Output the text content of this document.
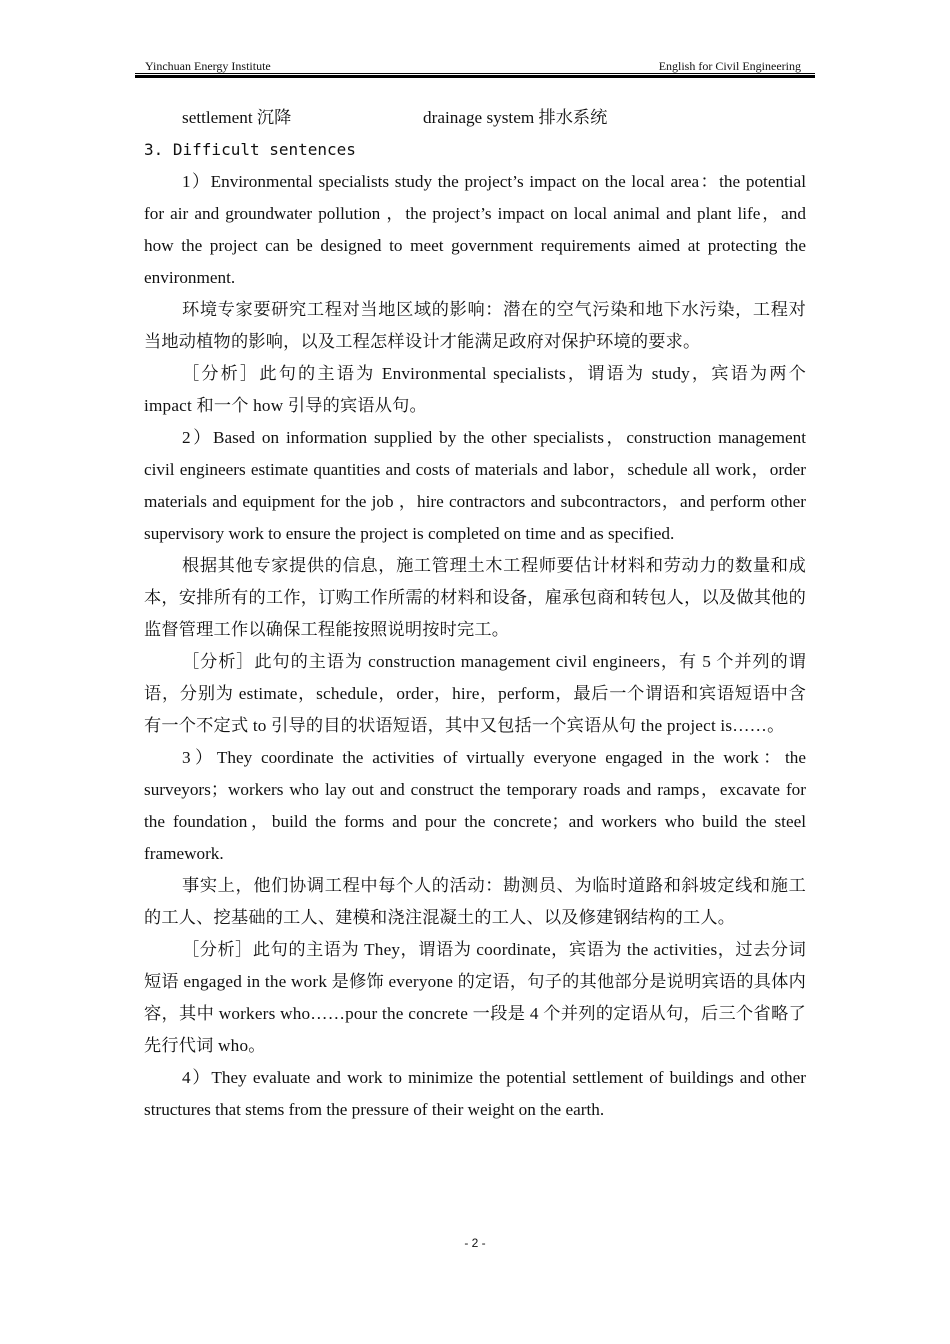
Yinchuan Energy Institute	English for Civil Engineering
settlement 沉降	drainage system 排水系统

3. Difficult sentences

1）Environmental specialists study the project’s impact on the local area：the potential for air and groundwater pollution ，the project’s impact on local animal and plant life，and how the project can be designed to meet government requirements aimed at protecting the environment.

环境专家要研究工程对当地区域的影响：潜在的空气污染和地下水污染，工程对当地动植物的影响，以及工程怎样设计才能满足政府对保护环境的要求。

［分析］此句的主语为 Environmental specialists，谓语为 study，宾语为两个 impact 和一个 how 引导的宾语从句。

2）Based on information supplied by the other specialists，construction management civil engineers estimate quantities and costs of materials and labor，schedule all work，order materials and equipment for the job ，hire contractors and subcontractors，and perform other supervisory work to ensure the project is completed on time and as specified.

根据其他专家提供的信息，施工管理土木工程师要估计材料和劳动力的数量和成本，安排所有的工作，订购工作所需的材料和设备，雇承包商和转包人，以及做其他的监督管理工作以确保工程能按照说明按时完工。

［分析］此句的主语为 construction management civil engineers，有 5 个并列的谓语，分别为 estimate，schedule，order，hire，perform，最后一个谓语和宾语短语中含有一个不定式 to 引导的目的状语短语，其中又包括一个宾语从句 the project is……。

3）They coordinate the activities of virtually everyone engaged in the work：the surveyors；workers who lay out and construct the temporary roads and ramps，excavate for the foundation，build the forms and pour the concrete；and workers who build the steel framework.

事实上，他们协调工程中每个人的活动：勘测员、为临时道路和斜坡定线和施工的工人、挖基础的工人、建模和浇注混凝土的工人、以及修建钢结构的工人。

［分析］此句的主语为 They，谓语为 coordinate，宾语为 the activities，过去分词短语 engaged in the work 是修饰 everyone 的定语，句子的其他部分是说明宾语的具体内容，其中 workers who……pour the concrete 一段是 4 个并列的定语从句，后三个省略了先行代词 who。

4）They evaluate and work to minimize the potential settlement of buildings and other structures that stems from the pressure of their weight on the earth.

- 2 -
